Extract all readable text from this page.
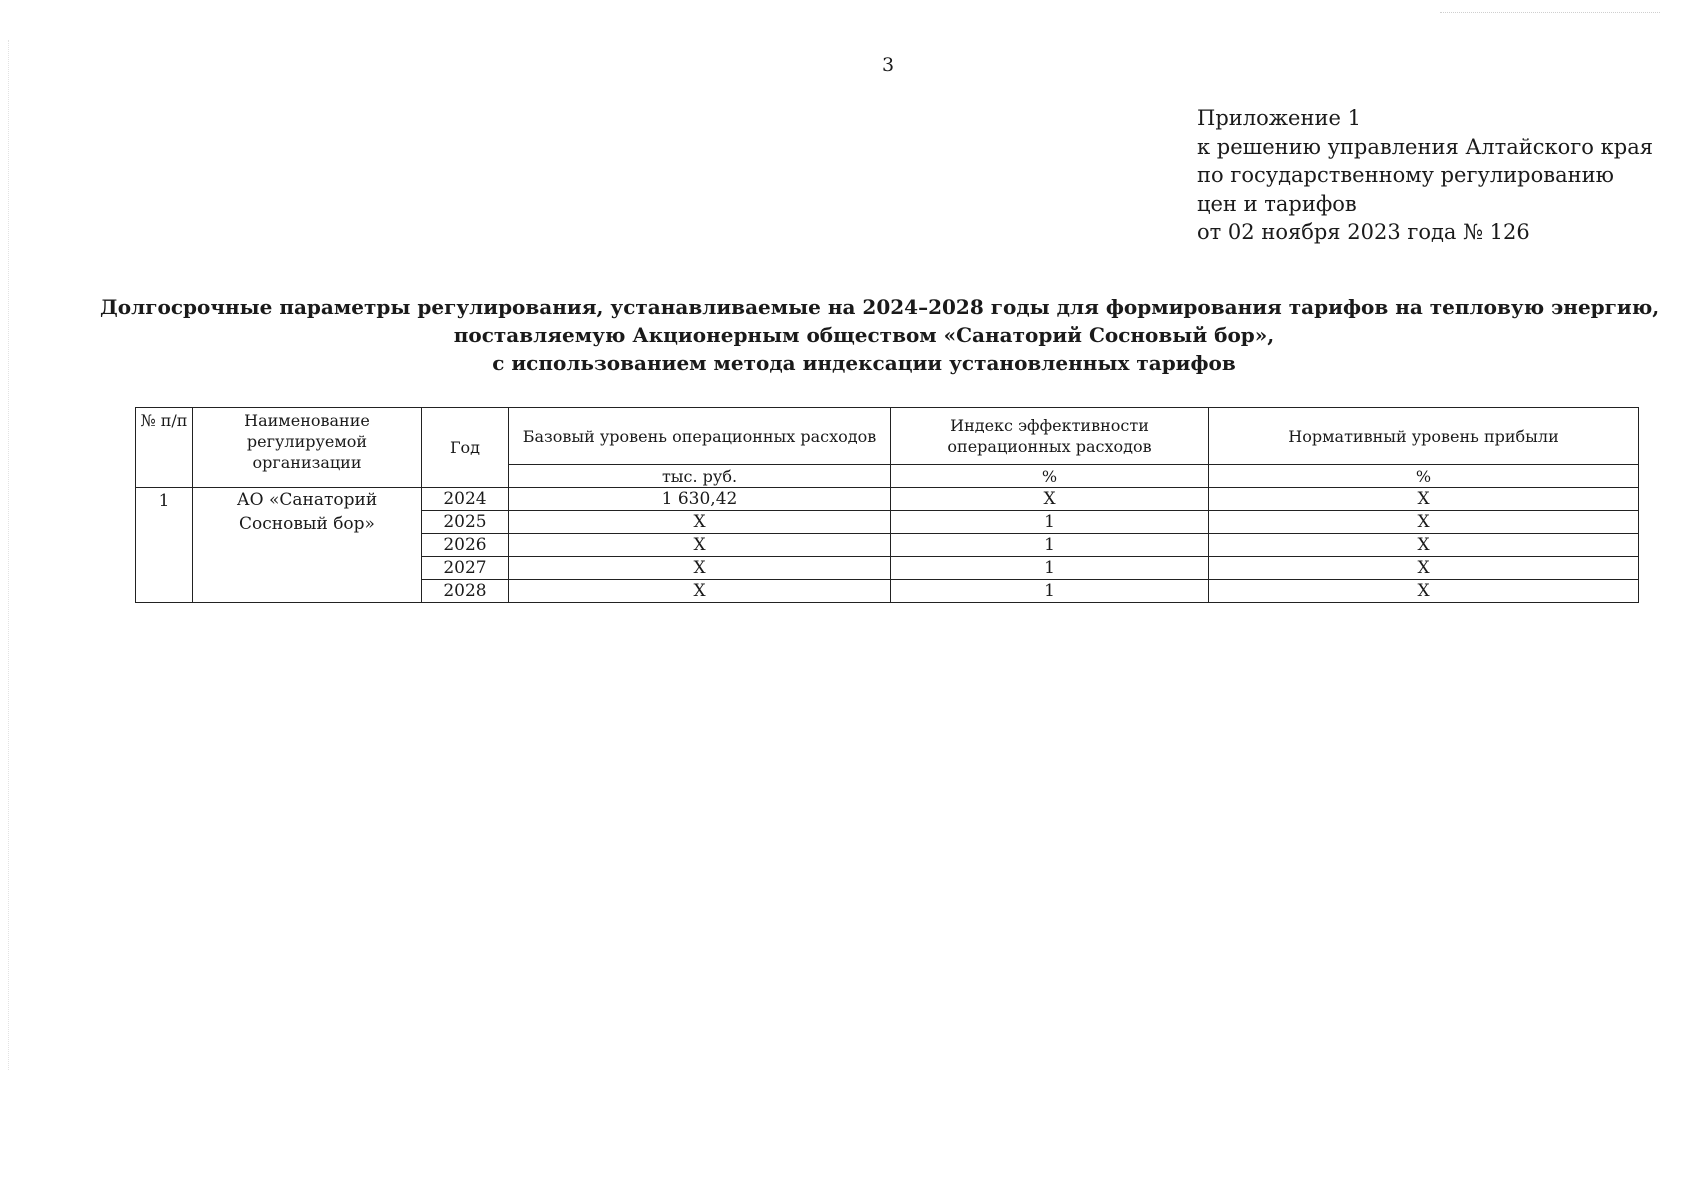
3
Приложение 1
к решению управления Алтайского края
по государственному регулированию
цен и тарифов
от 02 ноября 2023 года № 126
Долгосрочные параметры регулирования, устанавливаемые на 2024–2028 годы для формирования тарифов на тепловую энергию,
поставляемую Акционерным обществом «Санаторий Сосновый бор»,
с использованием метода индексации установленных тарифов
№ п/п	Наименование регулируемой организации	Год	Базовый уровень операционных расходов	Индекс эффективности операционных расходов	Нормативный уровень прибыли
			тыс. руб.	%	%
1	АО «Санаторий Сосновый бор»	2024	1 630,42	X	X
		2025	X	1	X
		2026	X	1	X
		2027	X	1	X
		2028	X	1	X
